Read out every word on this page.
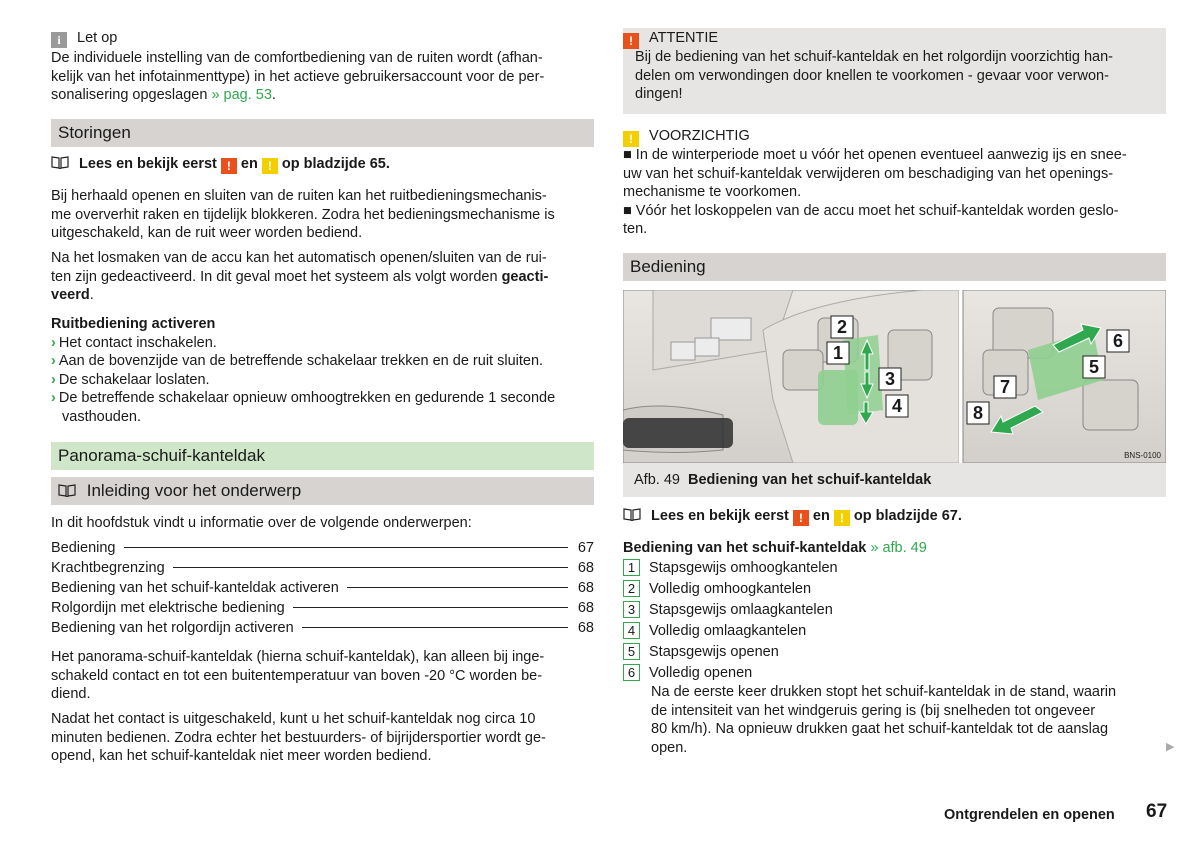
i Let op

De individuele instelling van de comfortbediening van de ruiten wordt (afhan-

kelijk van het infotainmenttype) in het actieve gebruikersaccount voor de per-

sonalisering opgeslagen » pag. 53.

Storingen
Lees en bekijk eerst ! en ! op bladzijde 65.

Bij herhaald openen en sluiten van de ruiten kan het ruitbedieningsmechanis-

me oververhit raken en tijdelijk blokkeren. Zodra het bedieningsmechanisme is

uitgeschakeld, kan de ruit weer worden bediend.

Na het losmaken van de accu kan het automatisch openen/sluiten van de rui-

ten zijn gedeactiveerd. In dit geval moet het systeem als volgt worden geacti-

veerd.

Ruitbediening activeren

› Het contact inschakelen.

› Aan de bovenzijde van de betreffende schakelaar trekken en de ruit sluiten.

› De schakelaar loslaten.

› De betreffende schakelaar opnieuw omhoogtrekken en gedurende 1 seconde

vasthouden.

Panorama-schuif-kanteldak
Inleiding voor het onderwerp
In dit hoofdstuk vindt u informatie over de volgende onderwerpen:
Bediening	67
Krachtbegrenzing	68
Bediening van het schuif-kanteldak activeren	68
Rolgordijn met elektrische bediening	68
Bediening van het rolgordijn activeren	68

Het panorama-schuif-kanteldak (hierna schuif-kanteldak), kan alleen bij inge-

schakeld contact en tot een buitentemperatuur van boven -20 °C worden be-

diend.

Nadat het contact is uitgeschakeld, kunt u het schuif-kanteldak nog circa 10

minuten bedienen. Zodra echter het bestuurders- of bijrijdersportier wordt ge-

opend, kan het schuif-kanteldak niet meer worden bediend.

! ATTENTIE

Bij de bediening van het schuif-kanteldak en het rolgordijn voorzichtig han-

delen om verwondingen door knellen te voorkomen - gevaar voor verwon-

dingen!

! VOORZICHTIG

■ In de winterperiode moet u vóór het openen eventueel aanwezig ijs en snee-

uw van het schuif-kanteldak verwijderen om beschadiging van het openings-

mechanisme te voorkomen.

■ Vóór het loskoppelen van de accu moet het schuif-kanteldak worden geslo-

ten.

Bediening
2
1
3
4
6
5
7
8
BNS-0100
Afb. 49 Bediening van het schuif-kanteldak
Lees en bekijk eerst ! en ! op bladzijde 67.
Bediening van het schuif-kanteldak » afb. 49
1 Stapsgewijs omhoogkantelen
2 Volledig omhoogkantelen
3 Stapsgewijs omlaagkantelen
4 Volledig omlaagkantelen
5 Stapsgewijs openen
6 Volledig openen

Na de eerste keer drukken stopt het schuif-kanteldak in de stand, waarin

de intensiteit van het windgeruis gering is (bij snelheden tot ongeveer

80 km/h). Na opnieuw drukken gaat het schuif-kanteldak tot de aanslag

open.	▶
Ontgrendelen en openen 67
